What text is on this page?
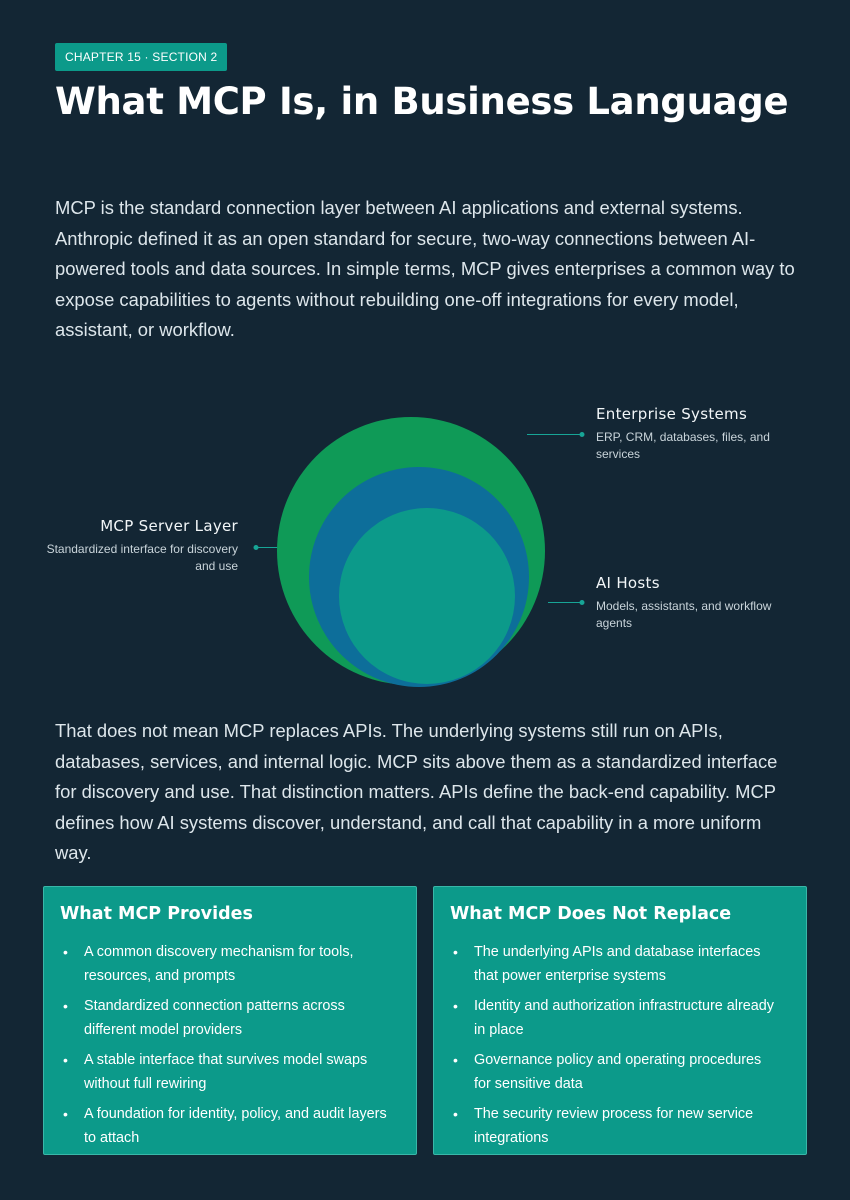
CHAPTER 15 · SECTION 2
What MCP Is, in Business Language

MCP is the standard connection layer between AI applications and external systems. Anthropic defined it as an open standard for secure, two-way connections between AI-powered tools and data sources. In simple terms, MCP gives enterprises a common way to expose capabilities to agents without rebuilding one-off integrations for every model, assistant, or workflow.

Enterprise Systems
ERP, CRM, databases, files, and services
MCP Server Layer
Standardized interface for discovery and use
AI Hosts
Models, assistants, and workflow agents

That does not mean MCP replaces APIs. The underlying systems still run on APIs, databases, services, and internal logic. MCP sits above them as a standardized interface for discovery and use. That distinction matters. APIs define the back-end capability. MCP defines how AI systems discover, understand, and call that capability in a more uniform way.

What MCP Provides
• A common discovery mechanism for tools, resources, and prompts
• Standardized connection patterns across different model providers
• A stable interface that survives model swaps without full rewiring
• A foundation for identity, policy, and audit layers to attach
What MCP Does Not Replace
• The underlying APIs and database interfaces that power enterprise systems
• Identity and authorization infrastructure already in place
• Governance policy and operating procedures for sensitive data
• The security review process for new service integrations
